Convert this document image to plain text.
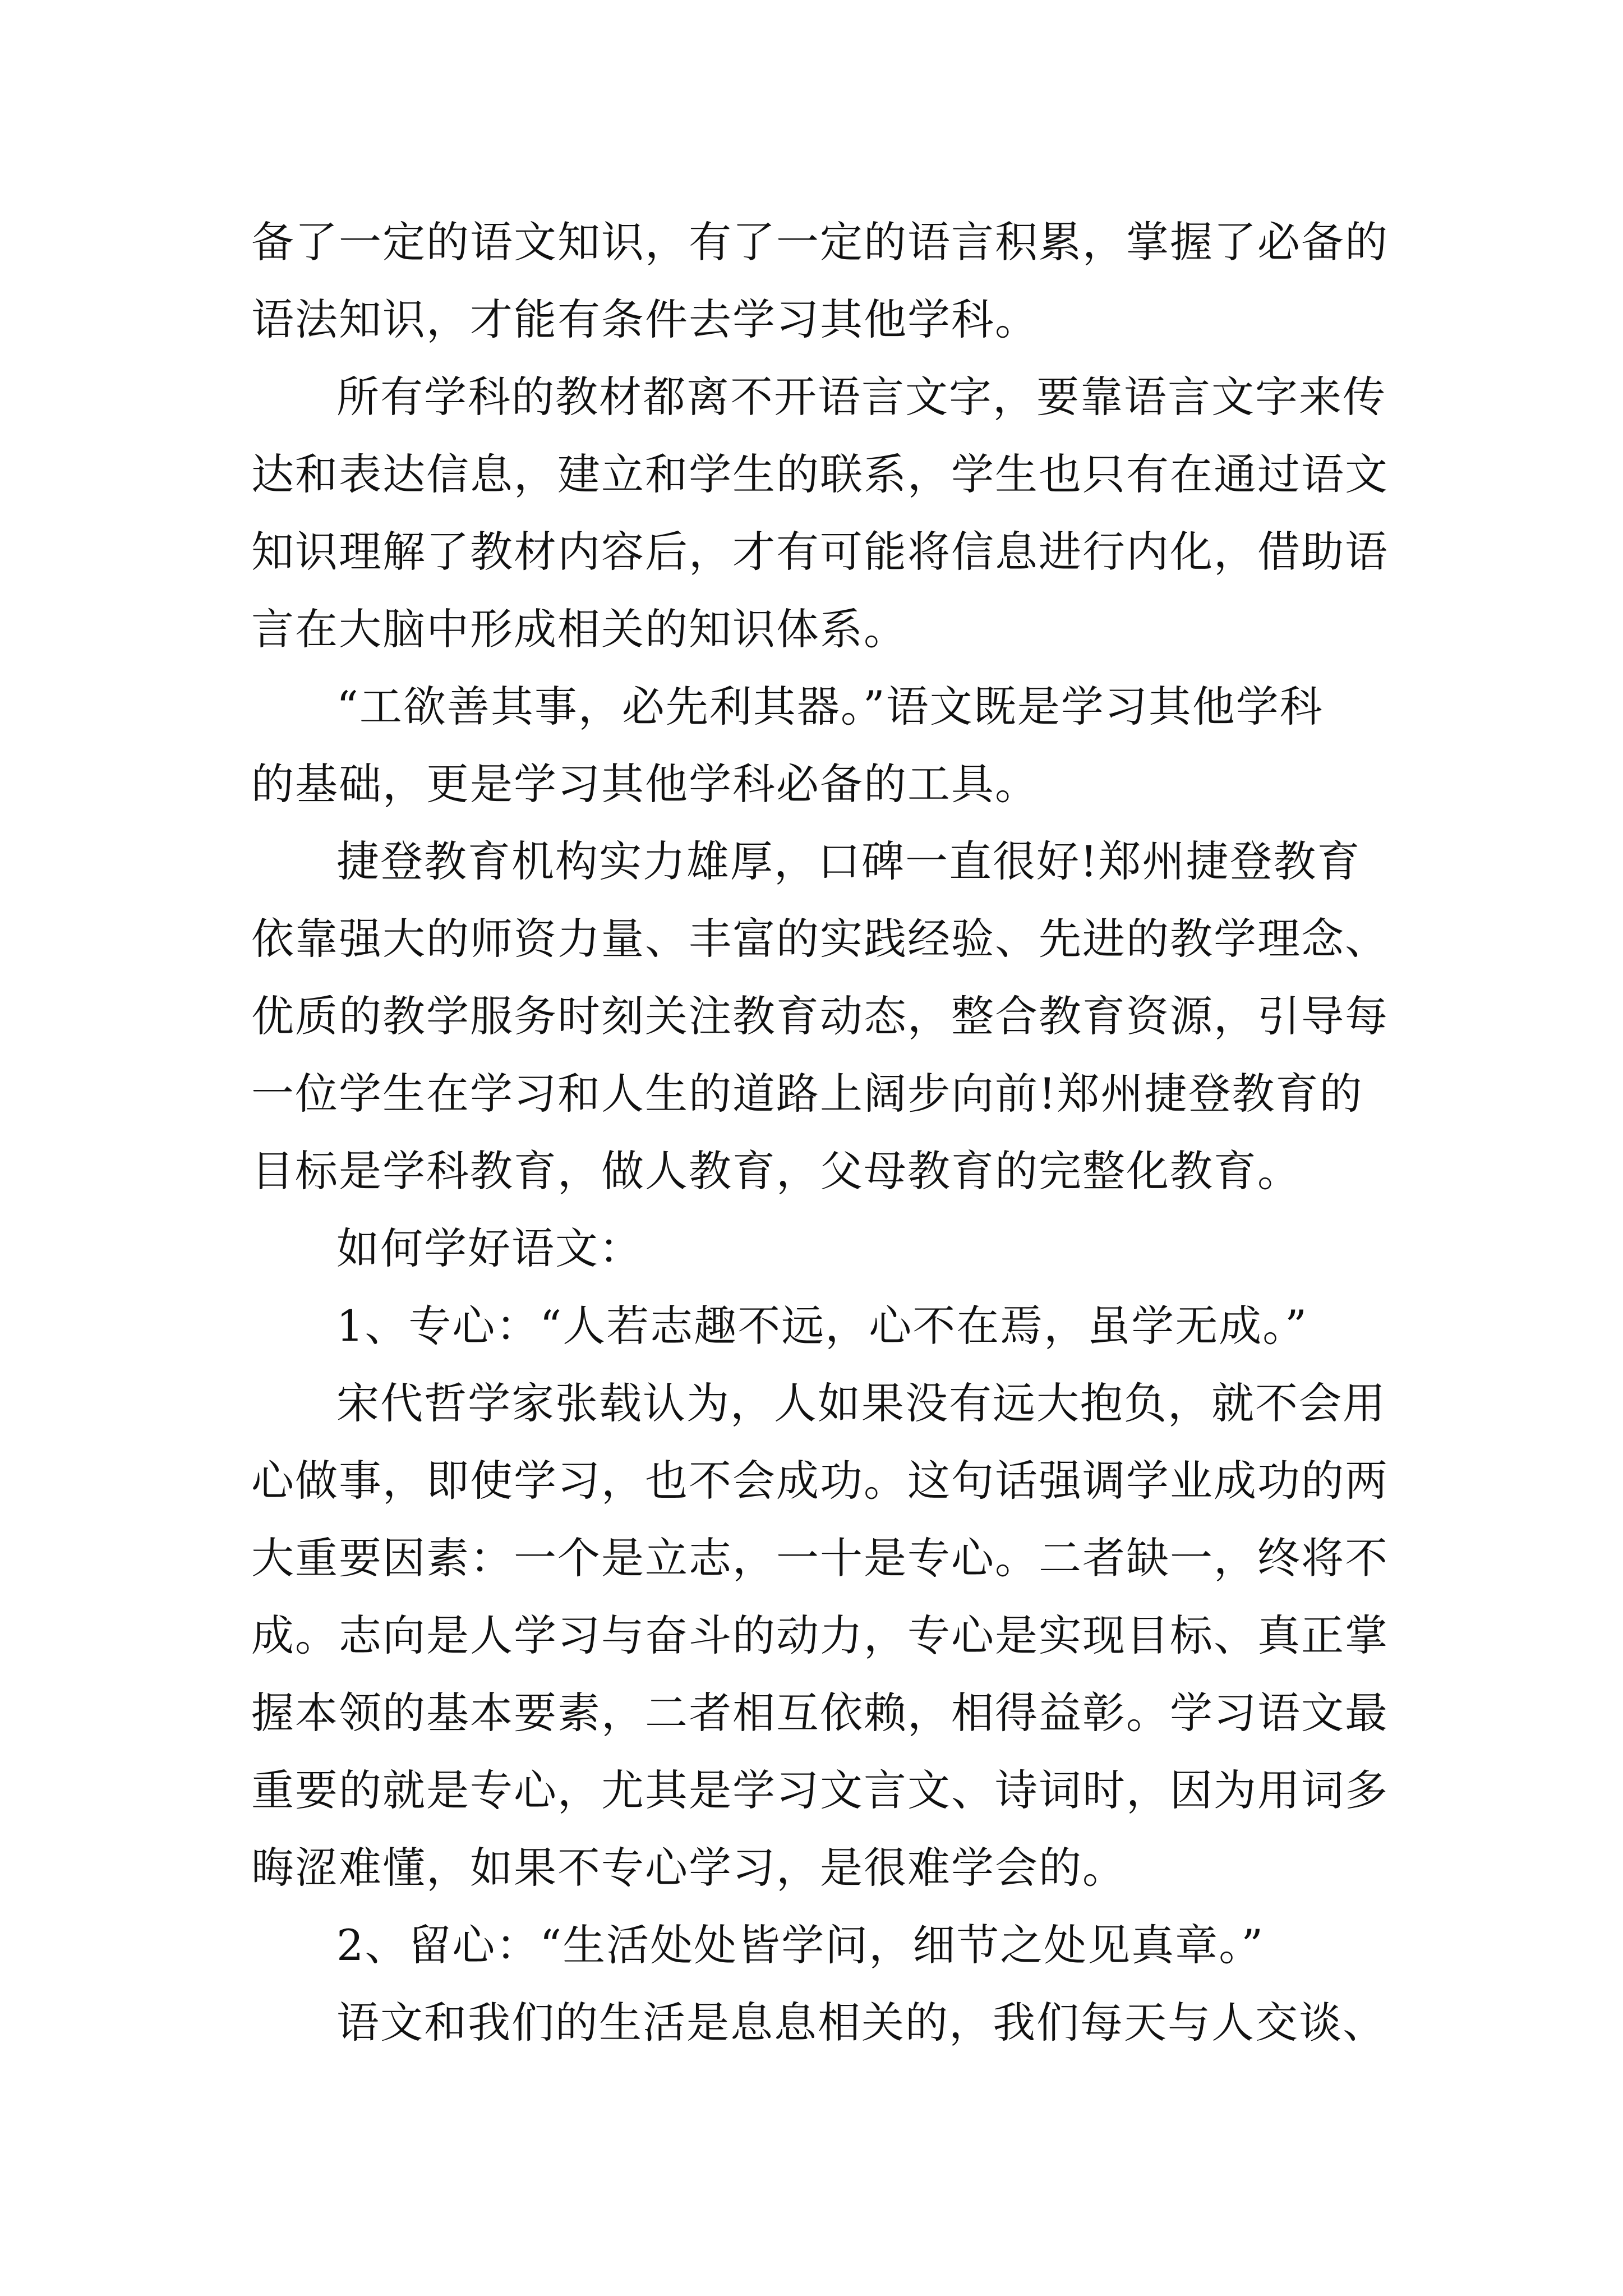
备了一定的语文知识，有了一定的语言积累，掌握了必备的
语法知识，才能有条件去学习其他学科。
所有学科的教材都离不开语言文字，要靠语言文字来传
达和表达信息，建立和学生的联系，学生也只有在通过语文
知识理解了教材内容后，才有可能将信息进行内化，借助语
言在大脑中形成相关的知识体系。
“工欲善其事，必先利其器。”语文既是学习其他学科
的基础，更是学习其他学科必备的工具。
捷登教育机构实力雄厚，口碑一直很好!郑州捷登教育
依靠强大的师资力量、丰富的实践经验、先进的教学理念、
优质的教学服务时刻关注教育动态，整合教育资源，引导每
一位学生在学习和人生的道路上阔步向前!郑州捷登教育的
目标是学科教育，做人教育，父母教育的完整化教育。
如何学好语文：
1、专心：“人若志趣不远，心不在焉，虽学无成。”
宋代哲学家张载认为，人如果没有远大抱负，就不会用
心做事，即使学习，也不会成功。这句话强调学业成功的两
大重要因素：一个是立志，一十是专心。二者缺一，终将不
成。志向是人学习与奋斗的动力，专心是实现目标、真正掌
握本领的基本要素，二者相互依赖，相得益彰。学习语文最
重要的就是专心，尤其是学习文言文、诗词时，因为用词多
晦涩难懂，如果不专心学习，是很难学会的。
2、留心：“生活处处皆学问，细节之处见真章。”
语文和我们的生活是息息相关的，我们每天与人交谈、
